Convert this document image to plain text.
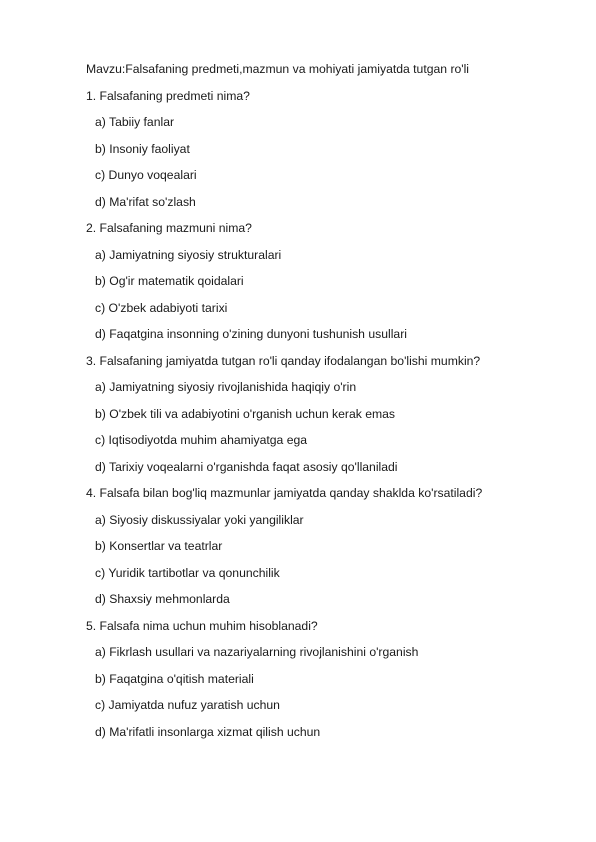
Mavzu:Falsafaning predmeti,mazmun va mohiyati jamiyatda tutgan ro'li
1. Falsafaning predmeti nima?
a) Tabiiy fanlar
b) Insoniy faoliyat
c) Dunyo voqealari
d) Ma'rifat so'zlash
2. Falsafaning mazmuni nima?
a) Jamiyatning siyosiy strukturalari
b) Og'ir matematik qoidalari
c) O'zbek adabiyoti tarixi
d) Faqatgina insonning o'zining dunyoni tushunish usullari
3. Falsafaning jamiyatda tutgan ro'li qanday ifodalangan bo'lishi mumkin?
a) Jamiyatning siyosiy rivojlanishida haqiqiy o'rin
b) O'zbek tili va adabiyotini o'rganish uchun kerak emas
c) Iqtisodiyotda muhim ahamiyatga ega
d) Tarixiy voqealarni o'rganishda faqat asosiy qo'llaniladi
4. Falsafa bilan bog'liq mazmunlar jamiyatda qanday shaklda ko'rsatiladi?
a) Siyosiy diskussiyalar yoki yangiliklar
b) Konsertlar va teatrlar
c) Yuridik tartibotlar va qonunchilik
d) Shaxsiy mehmonlarda
5. Falsafa nima uchun muhim hisoblanadi?
a) Fikrlash usullari va nazariyalarning rivojlanishini o'rganish
b) Faqatgina o'qitish materiali
c) Jamiyatda nufuz yaratish uchun
d) Ma'rifatli insonlarga xizmat qilish uchun
